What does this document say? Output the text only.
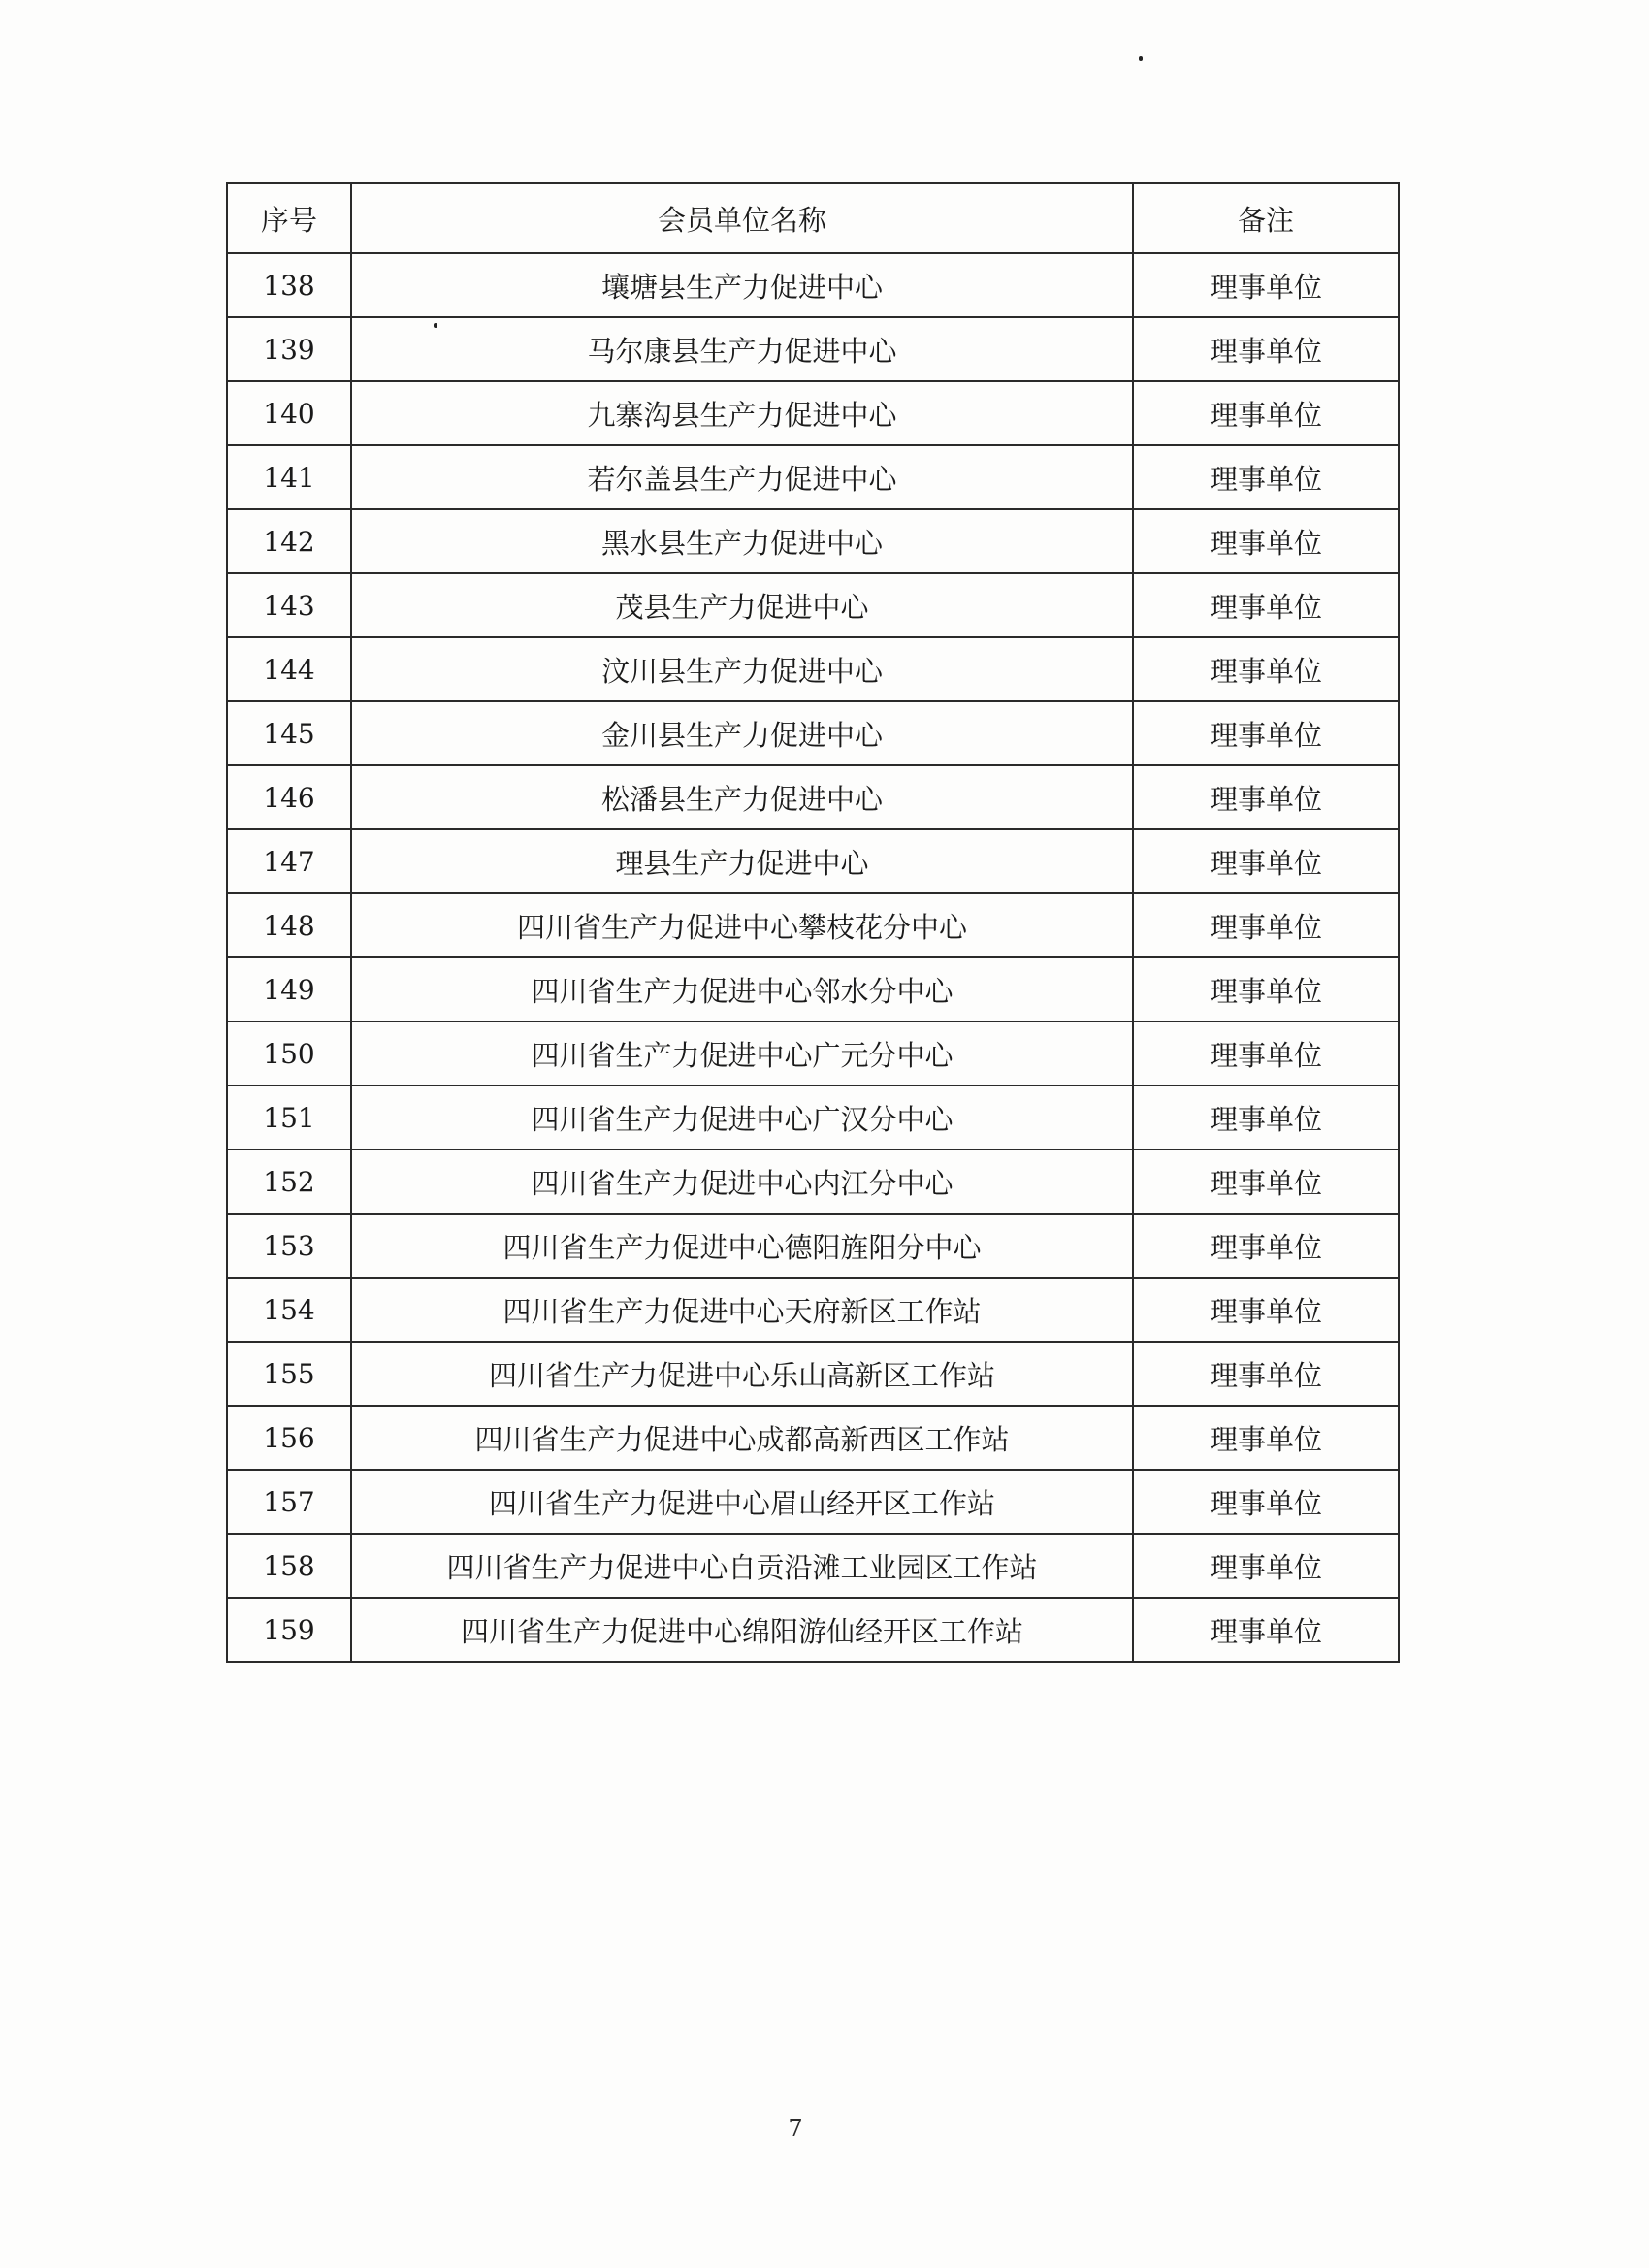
序号	会员单位名称	备注
138	壤塘县生产力促进中心	理事单位
139	马尔康县生产力促进中心	理事单位
140	九寨沟县生产力促进中心	理事单位
141	若尔盖县生产力促进中心	理事单位
142	黑水县生产力促进中心	理事单位
143	茂县生产力促进中心	理事单位
144	汶川县生产力促进中心	理事单位
145	金川县生产力促进中心	理事单位
146	松潘县生产力促进中心	理事单位
147	理县生产力促进中心	理事单位
148	四川省生产力促进中心攀枝花分中心	理事单位
149	四川省生产力促进中心邻水分中心	理事单位
150	四川省生产力促进中心广元分中心	理事单位
151	四川省生产力促进中心广汉分中心	理事单位
152	四川省生产力促进中心内江分中心	理事单位
153	四川省生产力促进中心德阳旌阳分中心	理事单位
154	四川省生产力促进中心天府新区工作站	理事单位
155	四川省生产力促进中心乐山高新区工作站	理事单位
156	四川省生产力促进中心成都高新西区工作站	理事单位
157	四川省生产力促进中心眉山经开区工作站	理事单位
158	四川省生产力促进中心自贡沿滩工业园区工作站	理事单位
159	四川省生产力促进中心绵阳游仙经开区工作站	理事单位
7
